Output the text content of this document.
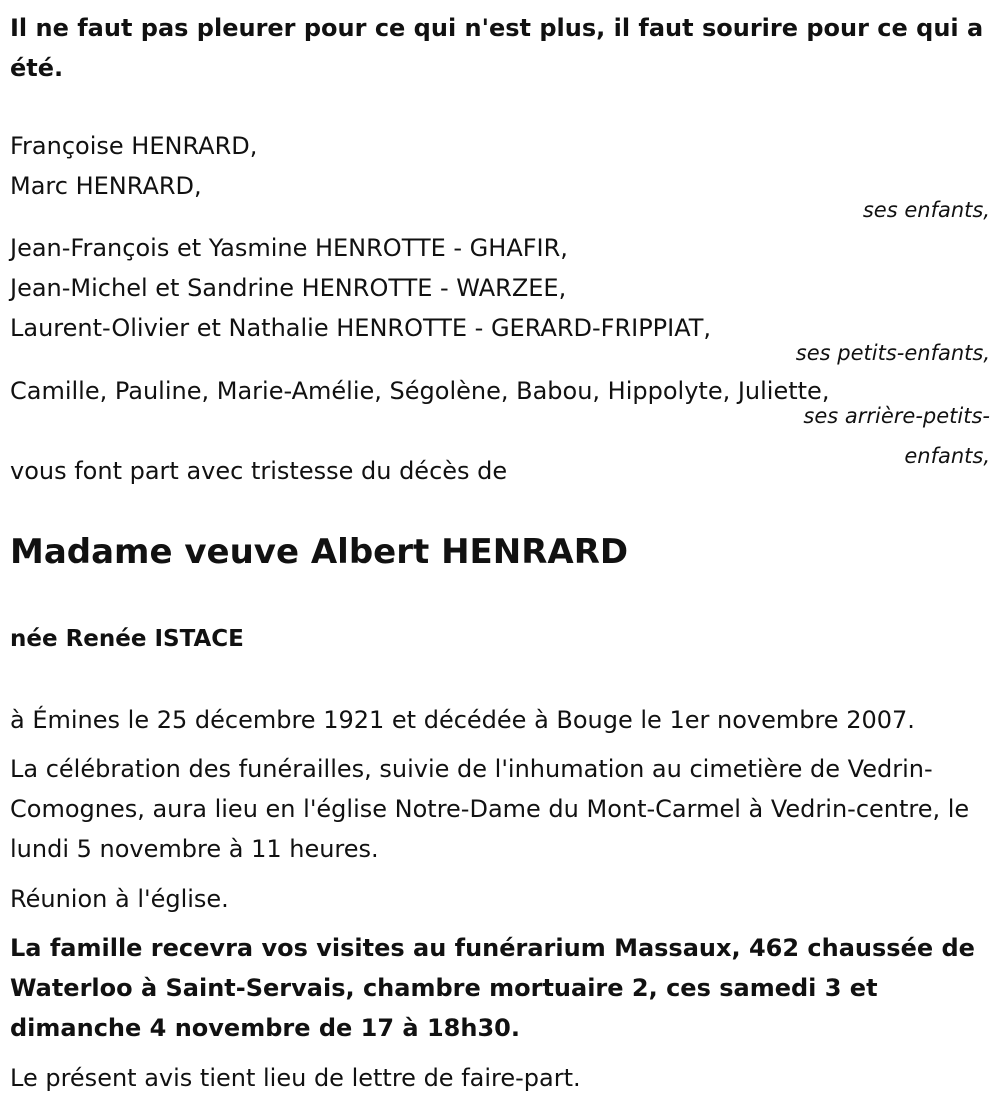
Il ne faut pas pleurer pour ce qui n'est plus, il faut sourire pour ce qui a été.
Françoise HENRARD,
Marc HENRARD,
ses enfants,
Jean-François et Yasmine HENROTTE - GHAFIR,
Jean-Michel et Sandrine HENROTTE - WARZEE,
Laurent-Olivier et Nathalie HENROTTE - GERARD-FRIPPIAT,
ses petits-enfants,
Camille, Pauline, Marie-Amélie, Ségolène, Babou, Hippolyte, Juliette,
ses arrière-petits-
enfants,
vous font part avec tristesse du décès de
Madame veuve Albert HENRARD
née Renée ISTACE
à Émines le 25 décembre 1921 et décédée à Bouge le 1er novembre 2007.
La célébration des funérailles, suivie de l'inhumation au cimetière de Vedrin-Comognes, aura lieu en l'église Notre-Dame du Mont-Carmel à Vedrin-centre, le lundi 5 novembre à 11 heures.
Réunion à l'église.
La famille recevra vos visites au funérarium Massaux, 462 chaussée de Waterloo à Saint-Servais, chambre mortuaire 2, ces samedi 3 et dimanche 4 novembre de 17 à 18h30.
Le présent avis tient lieu de lettre de faire-part.
